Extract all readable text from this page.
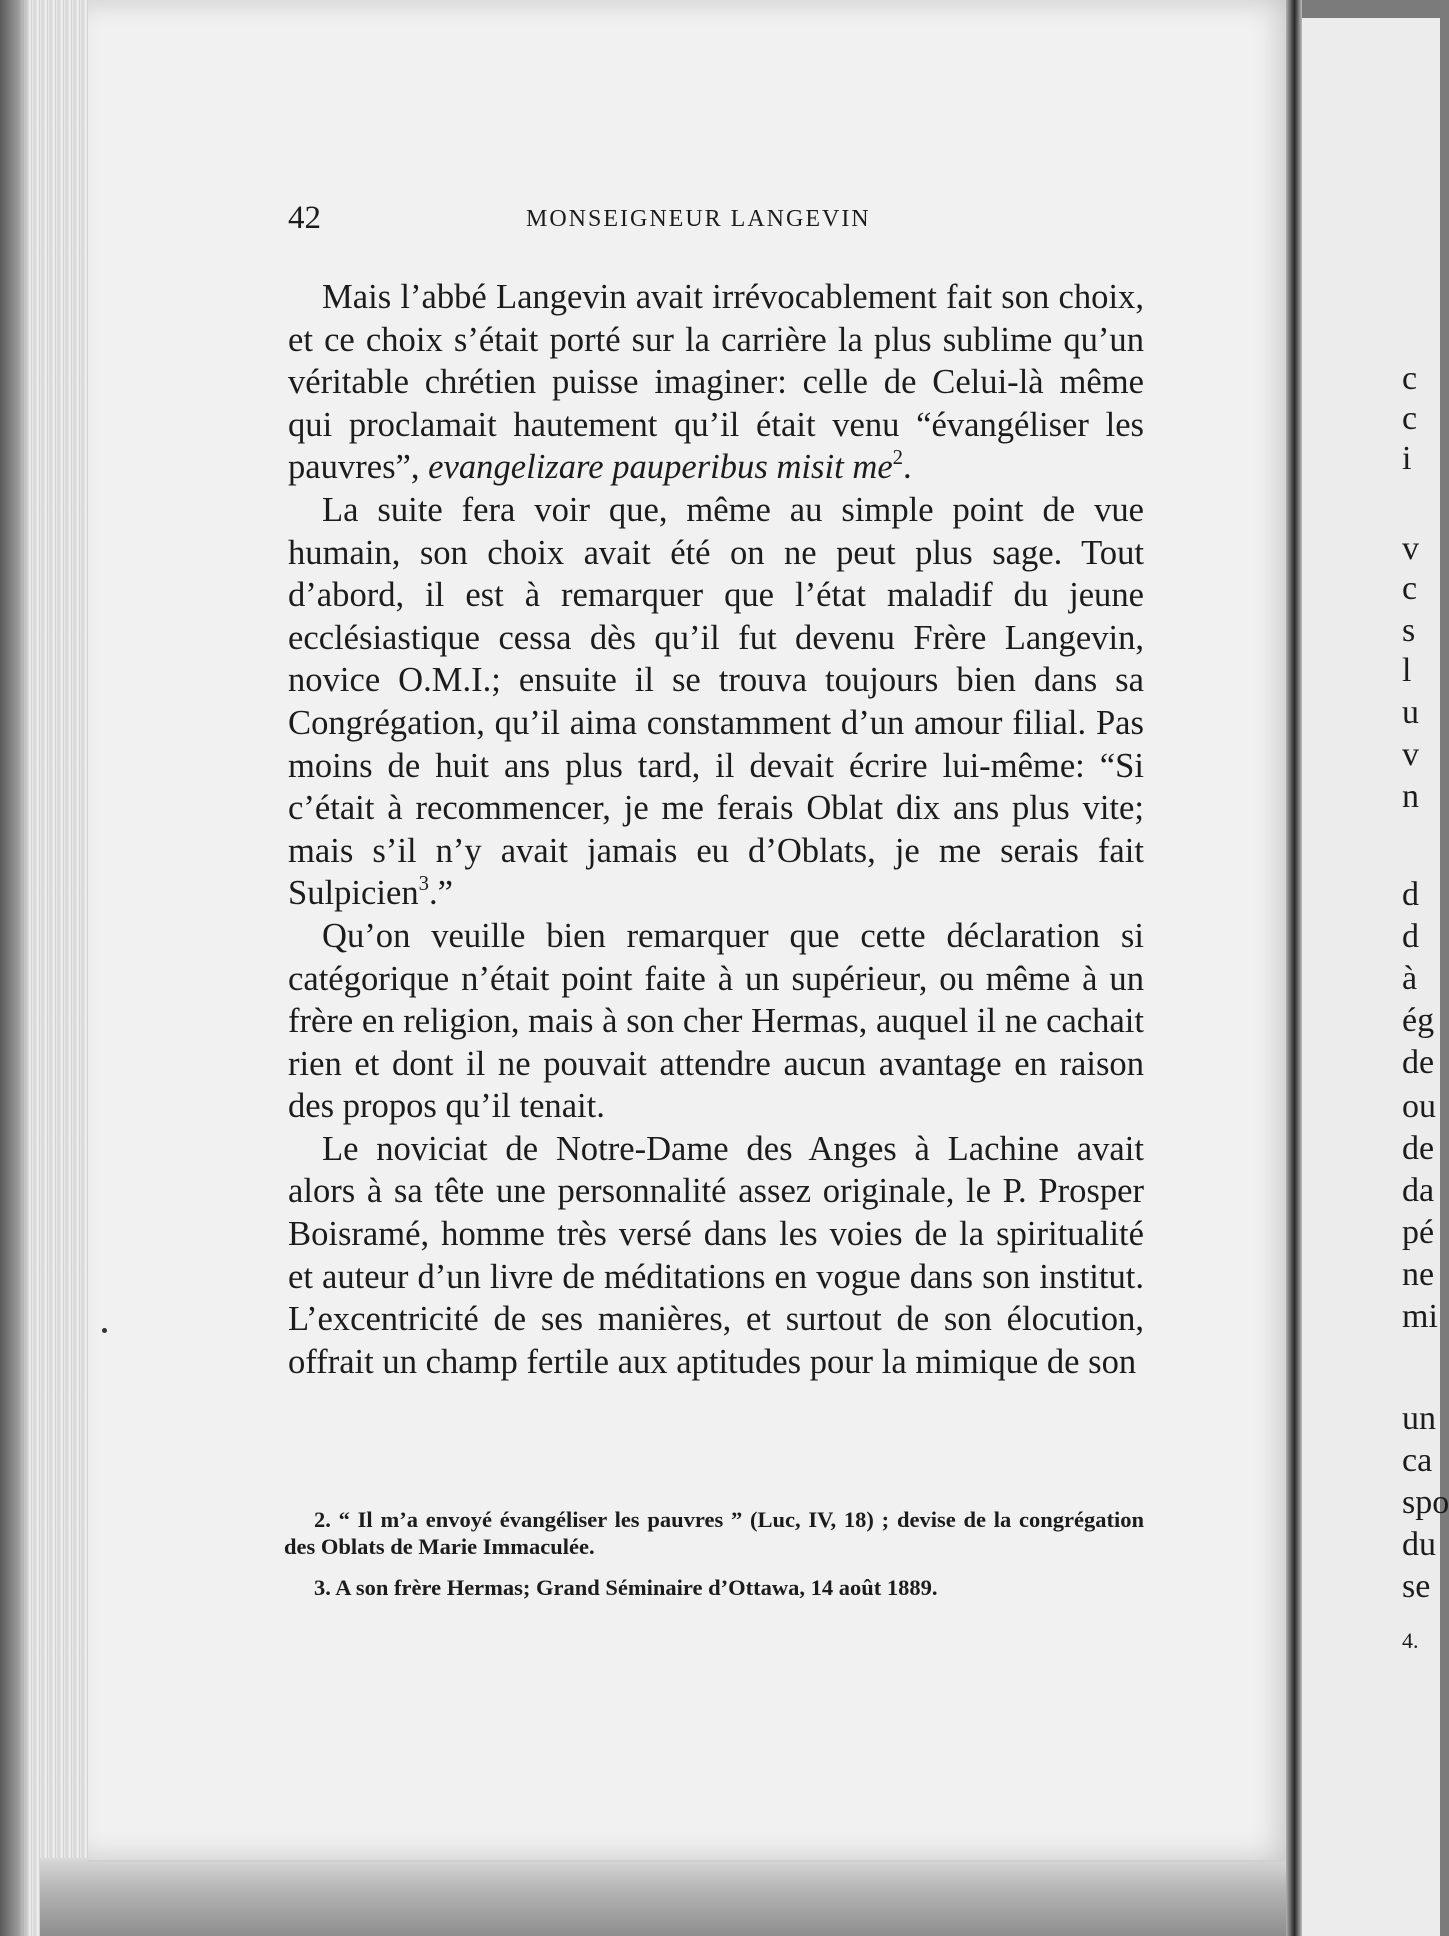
42	MONSEIGNEUR LANGEVIN

Mais l’abbé Langevin avait irrévocablement fait son choix, et ce choix s’était porté sur la carrière la plus sublime qu’un véritable chrétien puisse imaginer: celle de Celui-là même qui proclamait hautement qu’il était venu “évangéliser les pauvres”, evangelizare pauperibus misit $me^2$.

La suite fera voir que, même au simple point de vue humain, son choix avait été on ne peut plus sage. Tout d’abord, il est à remarquer que l’état maladif du jeune ecclésiastique cessa dès qu’il fut devenu Frère Langevin, novice O.M.I.; ensuite il se trouva toujours bien dans sa Congrégation, qu’il aima constamment d’un amour filial. Pas moins de huit ans plus tard, il devait écrire lui-même: “Si c’était à recommencer, je me ferais Oblat dix ans plus vite; mais s’il n’y avait jamais eu d’Oblats, je me serais fait Sulpicien$^3$.”

Qu’on veuille bien remarquer que cette déclaration si catégorique n’était point faite à un supérieur, ou même à un frère en religion, mais à son cher Hermas, auquel il ne cachait rien et dont il ne pouvait attendre aucun avantage en raison des propos qu’il tenait.

Le noviciat de Notre-Dame des Anges à Lachine avait alors à sa tête une personnalité assez originale, le P. Prosper Boisramé, homme très versé dans les voies de la spiritualité et auteur d’un livre de méditations en vogue dans son institut. L’excentricité de ses manières, et surtout de son élocution, offrait un champ fertile aux aptitudes pour la mimique de son

2. “ Il m’a envoyé évangéliser les pauvres ” (Luc, IV, 18) ; devise de la congrégation des Oblats de Marie Immaculée.

3. A son frère Hermas; Grand Séminaire d’Ottawa, 14 août 1889.

c
c
i
v
c
s
l
u
v
n
d
d
à
ég
de
ou
de
da
pé
ne
mi
un
ca
spo
du
se
4.
